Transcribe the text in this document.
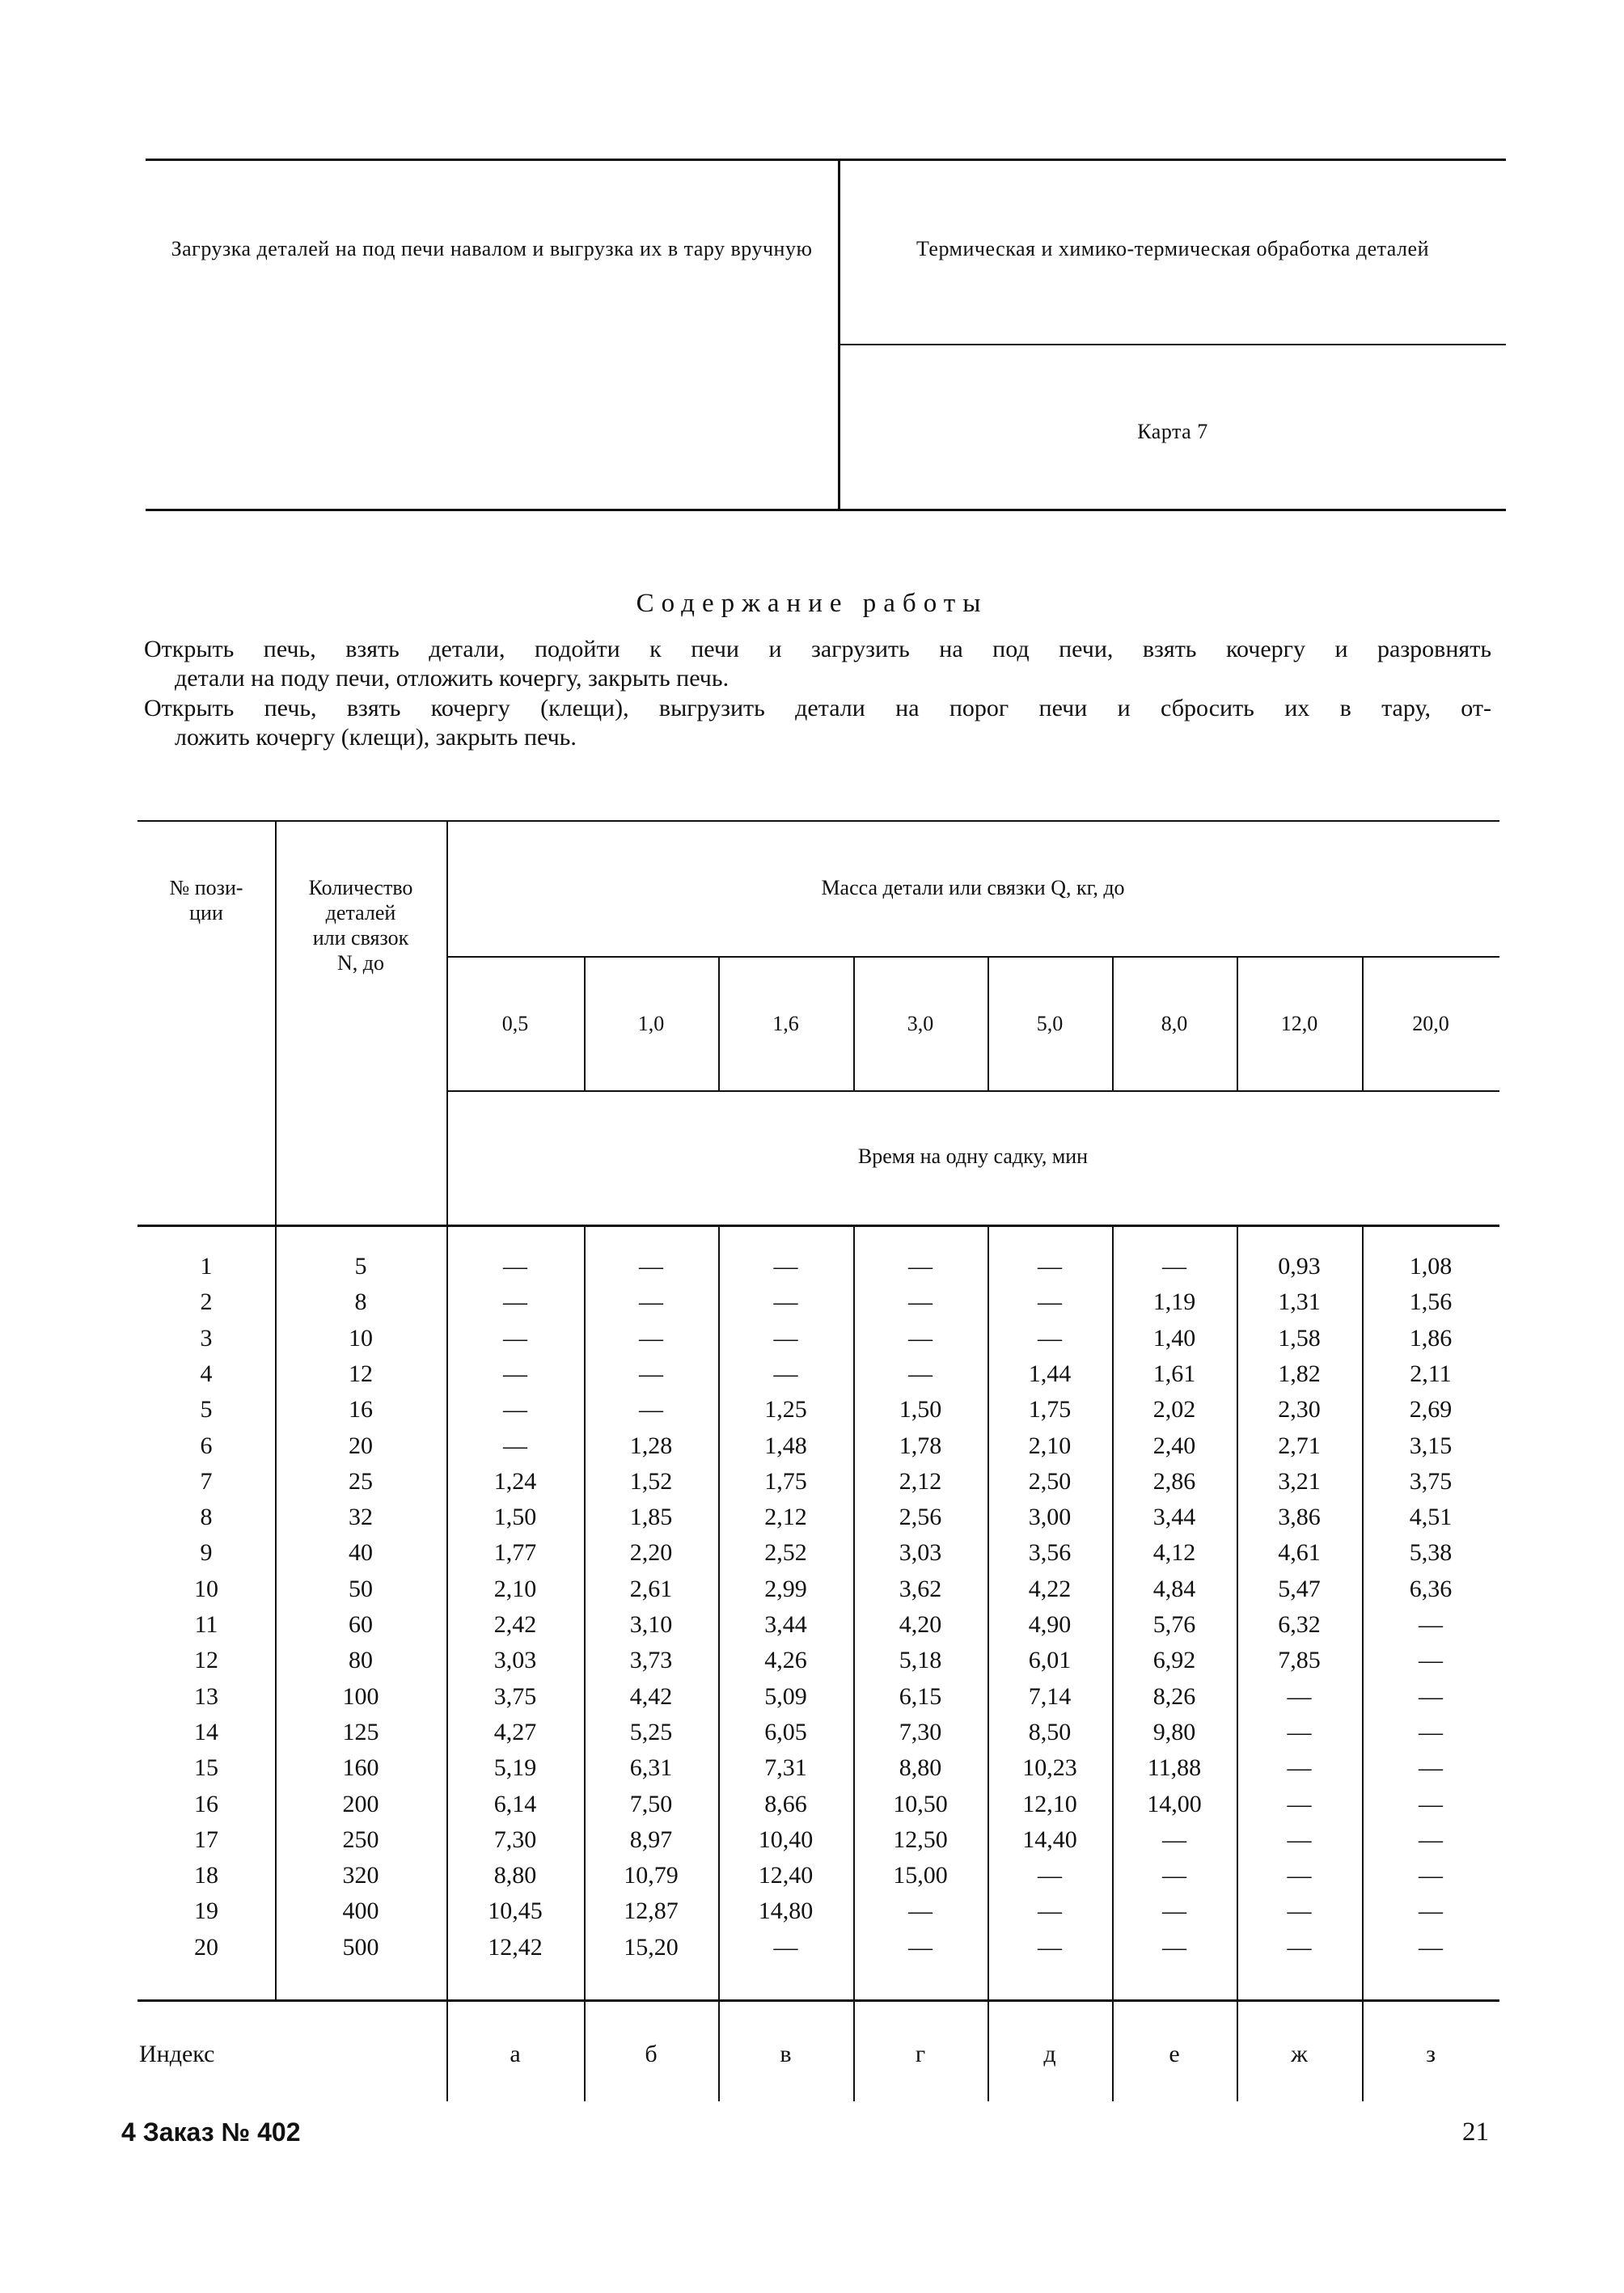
Загрузка деталей на под печи навалом и выгрузка их в тару вручную	Термическая и химико-термическая обработка деталей
Карта 7
Содержание работы
Открыть печь, взять детали, подойти к печи и загрузить на под печи, взять кочергу и разровнять
детали на поду печи, отложить кочергу, закрыть печь.
Открыть печь, взять кочергу (клещи), выгрузить детали на порог печи и сбросить их в тару, от-
ложить кочергу (клещи), закрыть печь.
№ пози-
ции
Количество
деталей
или связок
N, до
Масса детали или связки Q, кг, до
0,5	1,0	1,6	3,0	5,0	8,0	12,0	20,0
Время на одну садку, мин
1	5	—	—	—	—	—	—	0,93	1,08
2	8	—	—	—	—	—	1,19	1,31	1,56
3	10	—	—	—	—	—	1,40	1,58	1,86
4	12	—	—	—	—	1,44	1,61	1,82	2,11
5	16	—	—	1,25	1,50	1,75	2,02	2,30	2,69
6	20	—	1,28	1,48	1,78	2,10	2,40	2,71	3,15
7	25	1,24	1,52	1,75	2,12	2,50	2,86	3,21	3,75
8	32	1,50	1,85	2,12	2,56	3,00	3,44	3,86	4,51
9	40	1,77	2,20	2,52	3,03	3,56	4,12	4,61	5,38
10	50	2,10	2,61	2,99	3,62	4,22	4,84	5,47	6,36
11	60	2,42	3,10	3,44	4,20	4,90	5,76	6,32	—
12	80	3,03	3,73	4,26	5,18	6,01	6,92	7,85	—
13	100	3,75	4,42	5,09	6,15	7,14	8,26	—	—
14	125	4,27	5,25	6,05	7,30	8,50	9,80	—	—
15	160	5,19	6,31	7,31	8,80	10,23	11,88	—	—
16	200	6,14	7,50	8,66	10,50	12,10	14,00	—	—
17	250	7,30	8,97	10,40	12,50	14,40	—	—	—
18	320	8,80	10,79	12,40	15,00	—	—	—	—
19	400	10,45	12,87	14,80	—	—	—	—	—
20	500	12,42	15,20	—	—	—	—	—	—
Индекс	а	б	в	г	д	е	ж	з
4 Заказ № 402	21
